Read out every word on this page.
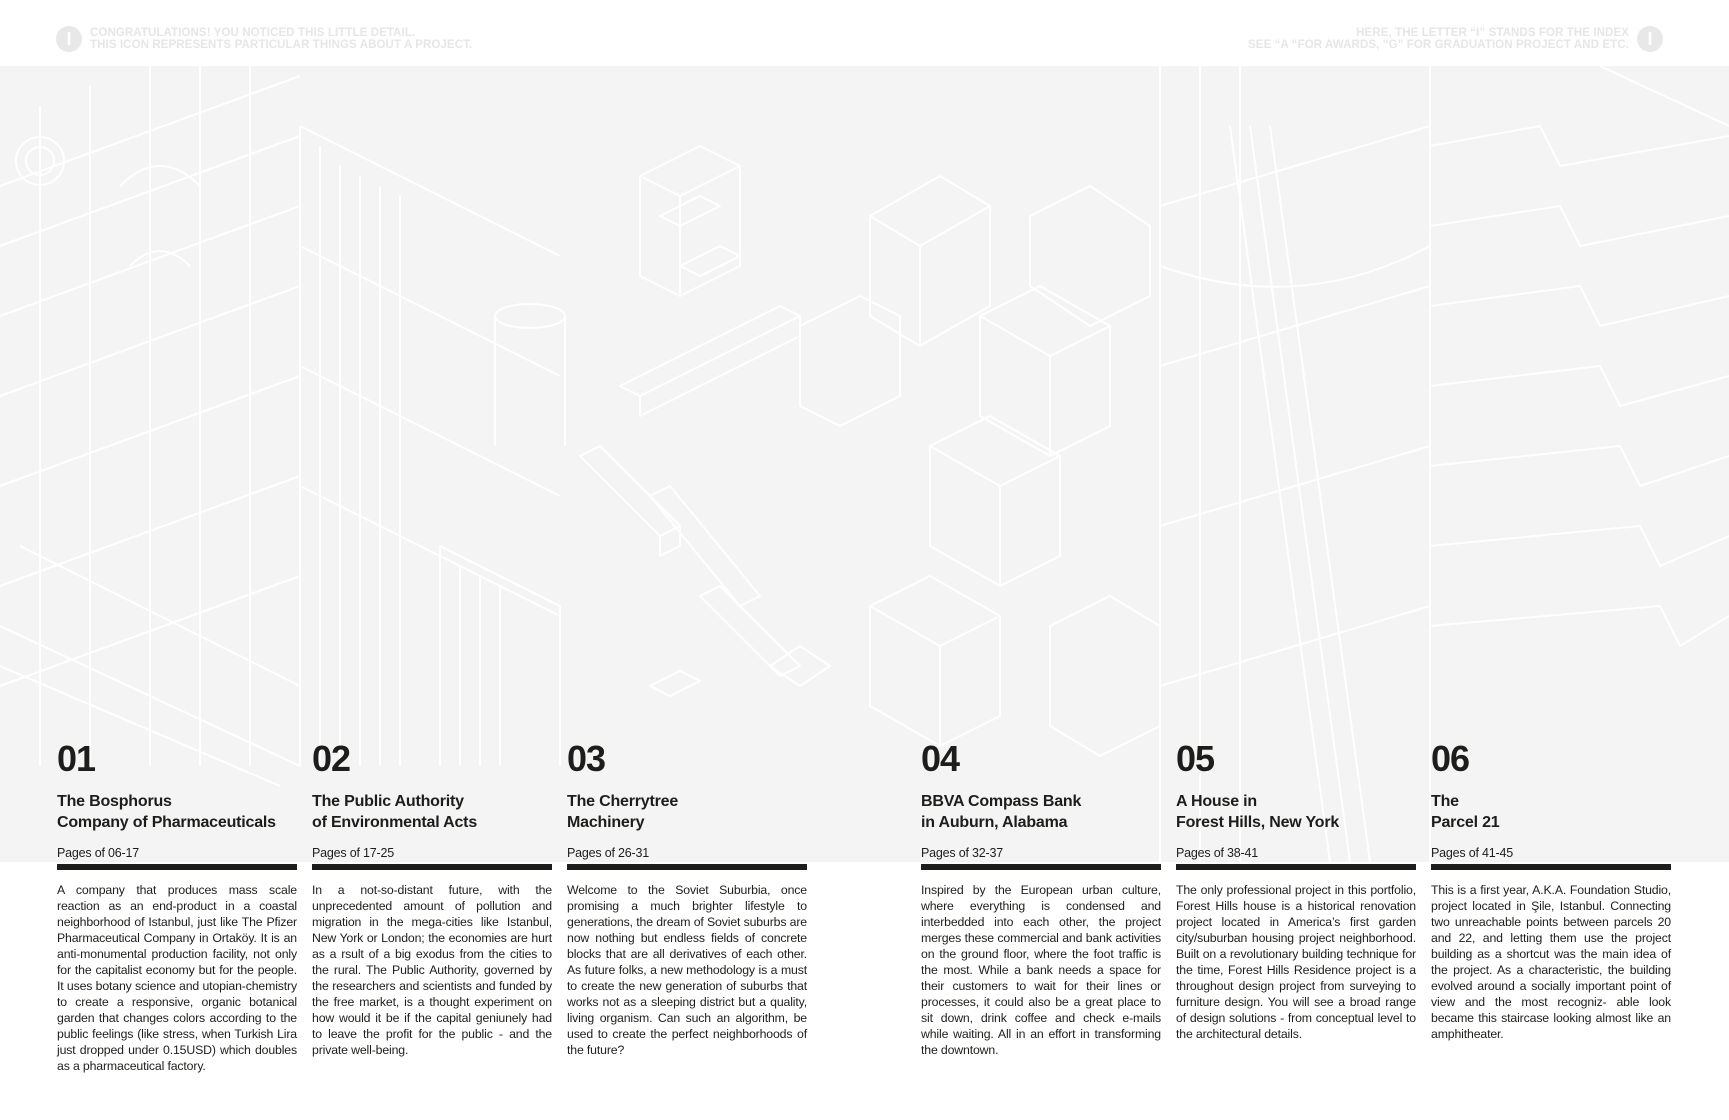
I	CONGRATULATIONS! YOU NOTICED THIS LITTLE DETAIL.
THIS ICON REPRESENTS PARTICULAR THINGS ABOUT A PROJECT.	I
HERE, THE LETTER “I” STANDS FOR THE INDEX
SEE “A “FOR AWARDS, “G” FOR GRADUATION PROJECT AND ETC.
01
The Bosphorus
Company of Pharmaceuticals
Pages of 06-17
A company that produces mass scale reaction as an end-product in a coastal neighborhood of Istanbul, just like The Pfizer Pharmaceutical Company in Ortaköy. It is an anti-monumental production facility, not only for the capitalist economy but for the people. It uses botany science and utopian-chemistry to create a responsive, organic botanical garden that changes colors according to the public feelings (like stress, when Turkish Lira just dropped under 0.15USD) which doubles as a pharmaceutical factory.
02
The Public Authority
of Environmental Acts
Pages of 17-25
In a not-so-distant future, with the unprecedented amount of pollution and migration in the mega-cities like Istanbul, New York or London; the economies are hurt as a rsult of a big exodus from the cities to the rural. The Public Authority, governed by the researchers and scientists and funded by the free market, is a thought experiment on how would it be if the capital geniunely had to leave the profit for the public - and the private well-being.
03
The Cherrytree
Machinery
Pages of 26-31
Welcome to the Soviet Suburbia, once promising a much brighter lifestyle to generations, the dream of Soviet suburbs are now nothing but endless fields of concrete blocks that are all derivatives of each other. As future folks, a new methodology is a must to create the new generation of suburbs that works not as a sleeping district but a quality, living organism. Can such an algorithm, be used to create the perfect neighborhoods of the future?
04
BBVA Compass Bank
in Auburn, Alabama
Pages of 32-37
Inspired by the European urban culture, where everything is condensed and interbedded into each other, the project merges these commercial and bank activities on the ground floor, where the foot traffic is the most. While a bank needs a space for their customers to wait for their lines or processes, it could also be a great place to sit down, drink coffee and check e-mails while waiting. All in an effort in transforming the downtown.
05
A House in
Forest Hills, New York
Pages of 38-41
The only professional project in this portfolio, Forest Hills house is a historical renovation project located in America’s first garden city/suburban housing project neighborhood. Built on a revolutionary building technique for the time, Forest Hills Residence project is a throughout design project from surveying to furniture design. You will see a broad range of design solutions - from conceptual level to the architectural details.
06
The
Parcel 21
Pages of 41-45
This is a first year, A.K.A. Foundation Studio, project located in Şile, Istanbul. Connecting two unreachable points between parcels 20 and 22, and letting them use the project building as a shortcut was the main idea of the project. As a characteristic, the building evolved around a socially important point of view and the most recogniz- able look became this staircase looking almost like an amphitheater.
